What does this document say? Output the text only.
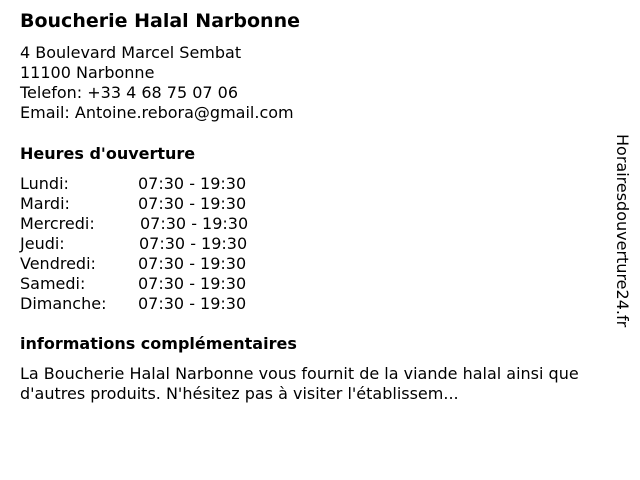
Boucherie Halal Narbonne
4 Boulevard Marcel Sembat
11100 Narbonne
Telefon: +33 4 68 75 07 06
Email: Antoine.rebora@gmail.com
Heures d'ouverture
Lundi:	07:30 - 19:30
Mardi:	07:30 - 19:30
Mercredi:	07:30 - 19:30
Jeudi:	07:30 - 19:30
Vendredi:	07:30 - 19:30
Samedi:	07:30 - 19:30
Dimanche: 07:30 - 19:30
informations complémentaires
La Boucherie Halal Narbonne vous fournit de la viande halal ainsi que d'autres produits. N'hésitez pas à visiter l'établissem...
Horairesdouverture24.fr
